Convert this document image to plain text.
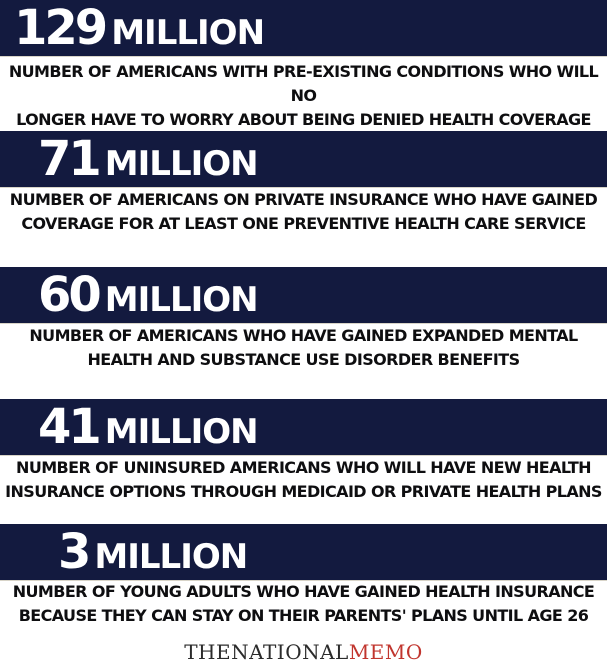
129 MILLION
NUMBER OF AMERICANS WITH PRE-EXISTING CONDITIONS WHO WILL NO
LONGER HAVE TO WORRY ABOUT BEING DENIED HEALTH COVERAGE
71 MILLION
NUMBER OF AMERICANS ON PRIVATE INSURANCE WHO HAVE GAINED
COVERAGE FOR AT LEAST ONE PREVENTIVE HEALTH CARE SERVICE
60 MILLION
NUMBER OF AMERICANS WHO HAVE GAINED EXPANDED MENTAL
HEALTH AND SUBSTANCE USE DISORDER BENEFITS
41 MILLION
NUMBER OF UNINSURED AMERICANS WHO WILL HAVE NEW HEALTH
INSURANCE OPTIONS THROUGH MEDICAID OR PRIVATE HEALTH PLANS
3 MILLION
NUMBER OF YOUNG ADULTS WHO HAVE GAINED HEALTH INSURANCE
BECAUSE THEY CAN STAY ON THEIR PARENTS' PLANS UNTIL AGE 26
THENATIONALMEMO
